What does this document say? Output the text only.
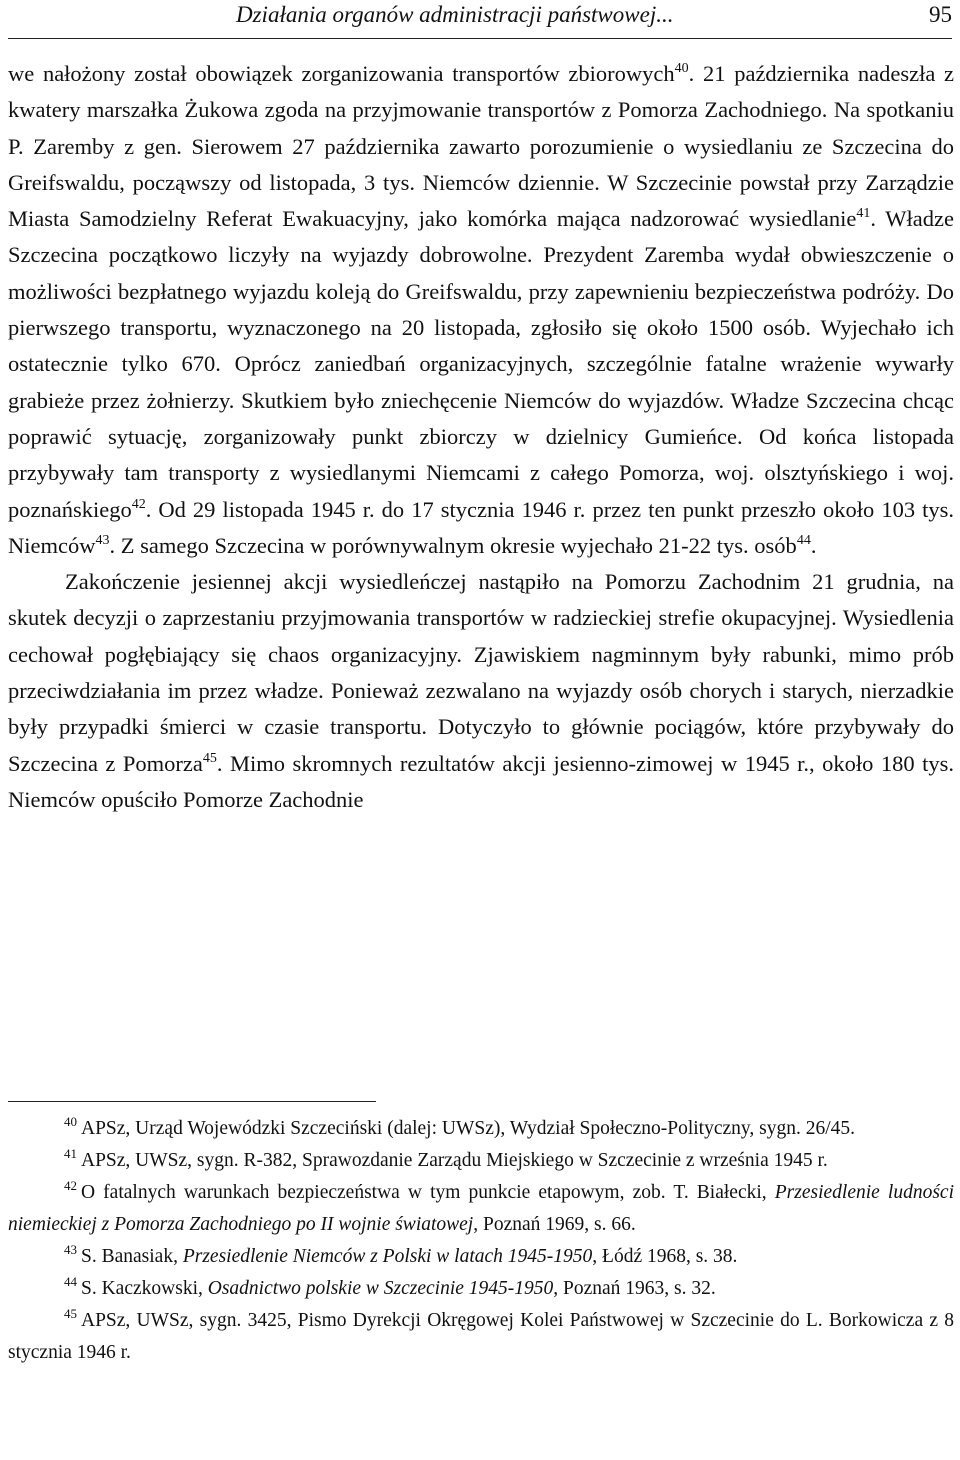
Działania organów administracji państwowej...	95

we nałożony został obowiązek zorganizowania transportów zbiorowych$^{40}$. 21 października nadeszła z kwatery marszałka Żukowa zgoda na przyjmowanie transportów z Pomorza Zachodniego. Na spotkaniu P. Zaremby z gen. Sierowem 27 października zawarto porozumienie o wysiedlaniu ze Szczecina do Greifswaldu, począwszy od listopada, 3 tys. Niemców dziennie. W Szczecinie powstał przy Zarządzie Miasta Samodzielny Referat Ewakuacyjny, jako komórka mająca nadzorować wysiedlanie$^{41}$. Władze Szczecina początkowo liczyły na wyjazdy dobrowolne. Prezydent Zaremba wydał obwieszczenie o możliwości bezpłatnego wyjazdu koleją do Greifswaldu, przy zapewnieniu bezpieczeństwa podróży. Do pierwszego transportu, wyznaczonego na 20 listopada, zgłosiło się około 1500 osób. Wyjechało ich ostatecznie tylko 670. Oprócz zaniedbań organizacyjnych, szczególnie fatalne wrażenie wywarły grabieże przez żołnierzy. Skutkiem było zniechęcenie Niemców do wyjazdów. Władze Szczecina chcąc poprawić sytuację, zorganizowały punkt zbiorczy w dzielnicy Gumieńce. Od końca listopada przybywały tam transporty z wysiedlanymi Niemcami z całego Pomorza, woj. olsztyńskiego i woj. poznańskiego$^{42}$. Od 29 listopada 1945 r. do 17 stycznia 1946 r. przez ten punkt przeszło około 103 tys. Niemców$^{43}$. Z samego Szczecina w porównywalnym okresie wyjechało 21-22 tys. osób$^{44}$.

Zakończenie jesiennej akcji wysiedleńczej nastąpiło na Pomorzu Zachodnim 21 grudnia, na skutek decyzji o zaprzestaniu przyjmowania transportów w radzieckiej strefie okupacyjnej. Wysiedlenia cechował pogłębiający się chaos organizacyjny. Zjawiskiem nagminnym były rabunki, mimo prób przeciwdziałania im przez władze. Ponieważ zezwalano na wyjazdy osób chorych i starych, nierzadkie były przypadki śmierci w czasie transportu. Dotyczyło to głównie pociągów, które przybywały do Szczecina z Pomorza$^{45}$. Mimo skromnych rezultatów akcji jesienno-zimowej w 1945 r., około 180 tys. Niemców opuściło Pomorze Zachodnie

$^{40}$ APSz, Urząd Wojewódzki Szczeciński (dalej: UWSz), Wydział Społeczno-Polityczny, sygn. 26/45.

$^{41}$ APSz, UWSz, sygn. R-382, Sprawozdanie Zarządu Miejskiego w Szczecinie z września 1945 r.

$^{42}$ O fatalnych warunkach bezpieczeństwa w tym punkcie etapowym, zob. T. Białecki, Przesiedlenie ludności niemieckiej z Pomorza Zachodniego po II wojnie światowej, Poznań 1969, s. 66.

$^{43}$ S. Banasiak, Przesiedlenie Niemców z Polski w latach 1945-1950, Łódź 1968, s. 38.

$^{44}$ S. Kaczkowski, Osadnictwo polskie w Szczecinie 1945-1950, Poznań 1963, s. 32.

$^{45}$ APSz, UWSz, sygn. 3425, Pismo Dyrekcji Okręgowej Kolei Państwowej w Szczecinie do L. Borkowicza z 8 stycznia 1946 r.
